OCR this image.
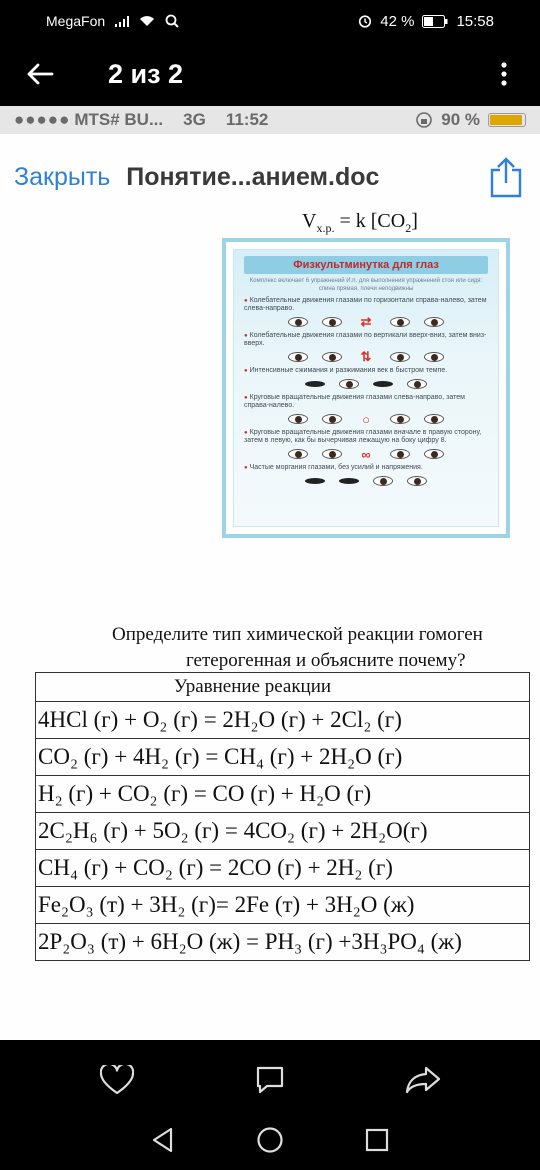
MegaFon	42 %	15:58
2 из 2
●●●●● MTS# BU... 3G 11:52	90 %
Закрыть Понятие...анием.doc
$V_{х.р.} = k$ $[CO_2]$
Физкультминутка для глаз
Комплекс включает 6 упражнений И.п. для выполнения упражнений стоя или сидя: спина прямая, плечи неподвижны
● Колебательные движения глазами по горизонтали справа-налево, затем слева-направо.
⇄
● Колебательные движения глазами по вертикали вверх-вниз, затем вниз-вверх.
⇅
● Интенсивные сжимания и разжимания век в быстром темпе.
● Круговые вращательные движения глазами слева-направо, затем справа-налево.
○
● Круговые вращательные движения глазами вначале в правую сторону, затем в левую, как бы вычерчивая лежащую на боку цифру 8.
∞
● Частые моргания глазами, без усилий и напряжения.
Определите тип химической реакции гомоген
гетерогенная и объясните почему?
Уравнение реакции
4HCl (г) + O₂ (г) = 2H₂O (г) + 2Cl₂ (г)
CO₂ (г) + 4H₂ (г) = CH₄ (г) + 2H₂O (г)
H₂ (г) + CO₂ (г) = CO (г) + H₂O (г)
2C₂H₆ (г) + 5O₂ (г) = 4CO₂ (г) + 2H₂O(г)
CH₄ (г) + CO₂ (г) = 2CO (г) + 2H₂ (г)
Fe₂O₃ (т) + 3H₂ (г)= 2Fe (т) + 3H₂O (ж)
2P₂O₃ (т) + 6H₂O (ж) = PH₃ (г) +3H₃PO₄ (ж)
